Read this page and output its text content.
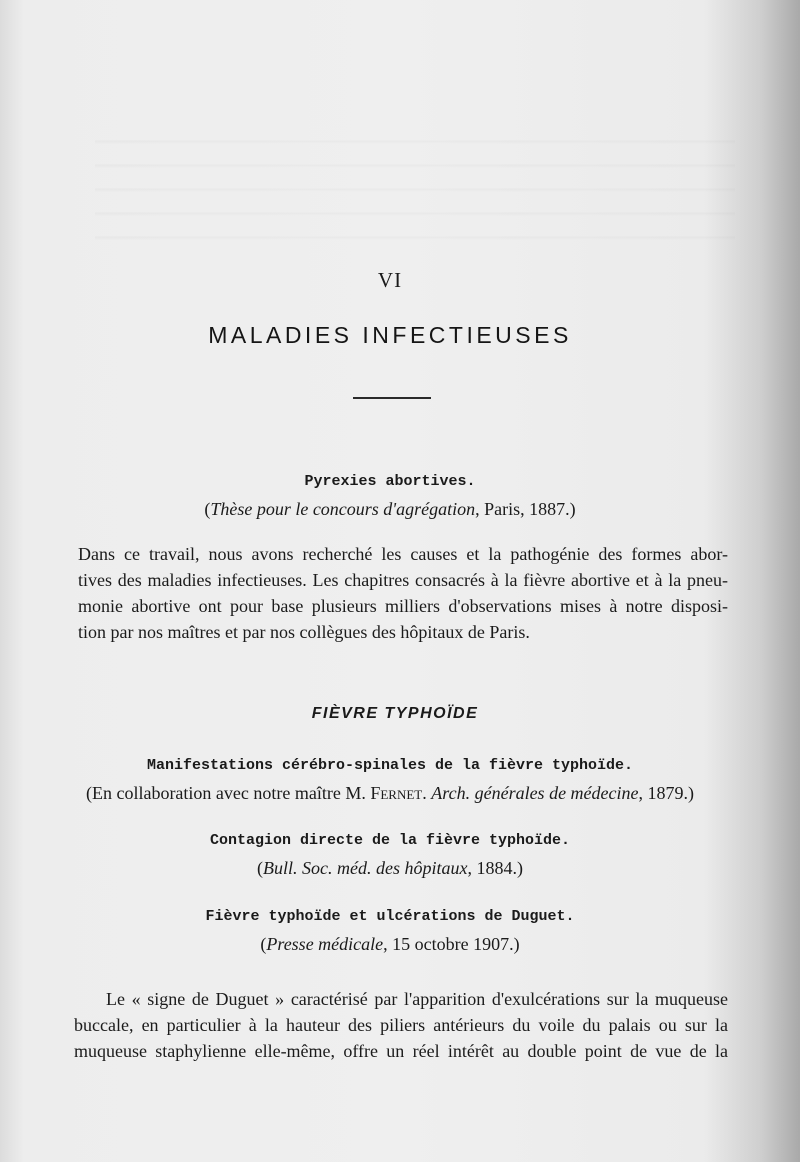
VI
MALADIES INFECTIEUSES
Pyrexies abortives.
(Thèse pour le concours d'agrégation, Paris, 1887.)
Dans ce travail, nous avons recherché les causes et la pathogénie des formes abor-
tives des maladies infectieuses. Les chapitres consacrés à la fièvre abortive et à la pneu-
monie abortive ont pour base plusieurs milliers d'observations mises à notre disposi-
tion par nos maîtres et par nos collègues des hôpitaux de Paris.
FIÈVRE TYPHOÏDE
Manifestations cérébro-spinales de la fièvre typhoïde.
(En collaboration avec notre maître M. Fernet. Arch. générales de médecine, 1879.)
Contagion directe de la fièvre typhoïde.
(Bull. Soc. méd. des hôpitaux, 1884.)
Fièvre typhoïde et ulcérations de Duguet.
(Presse médicale, 15 octobre 1907.)
Le « signe de Duguet » caractérisé par l'apparition d'exulcérations sur la muqueuse
buccale, en particulier à la hauteur des piliers antérieurs du voile du palais ou sur la
muqueuse staphylienne elle-même, offre un réel intérêt au double point de vue de la
